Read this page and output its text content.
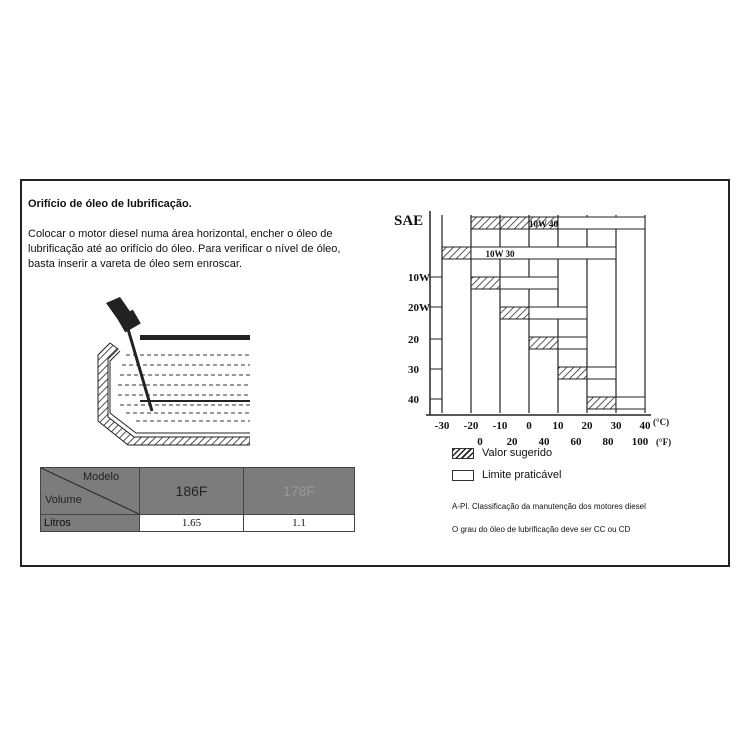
Orifício de óleo de lubrificação.
Colocar o motor diesel numa área horizontal, encher o óleo de lubrificação até ao orifício do óleo. Para verificar o nível de óleo, basta inserir a vareta de óleo sem enroscar.
Modelo
Volume	186F	178F
Litros	1.65	1.1
10W 40
10W 30
SAE
10W
20W
20
30
40
-30 -20 -10 0 10 20 30 40 (°C)
0 20 40 60 80 100 (°F)
Valor sugerido
Limite praticável
A-PI. Classificação da manutenção dos motores diesel
O grau do óleo de lubrificação deve ser CC ou CD
